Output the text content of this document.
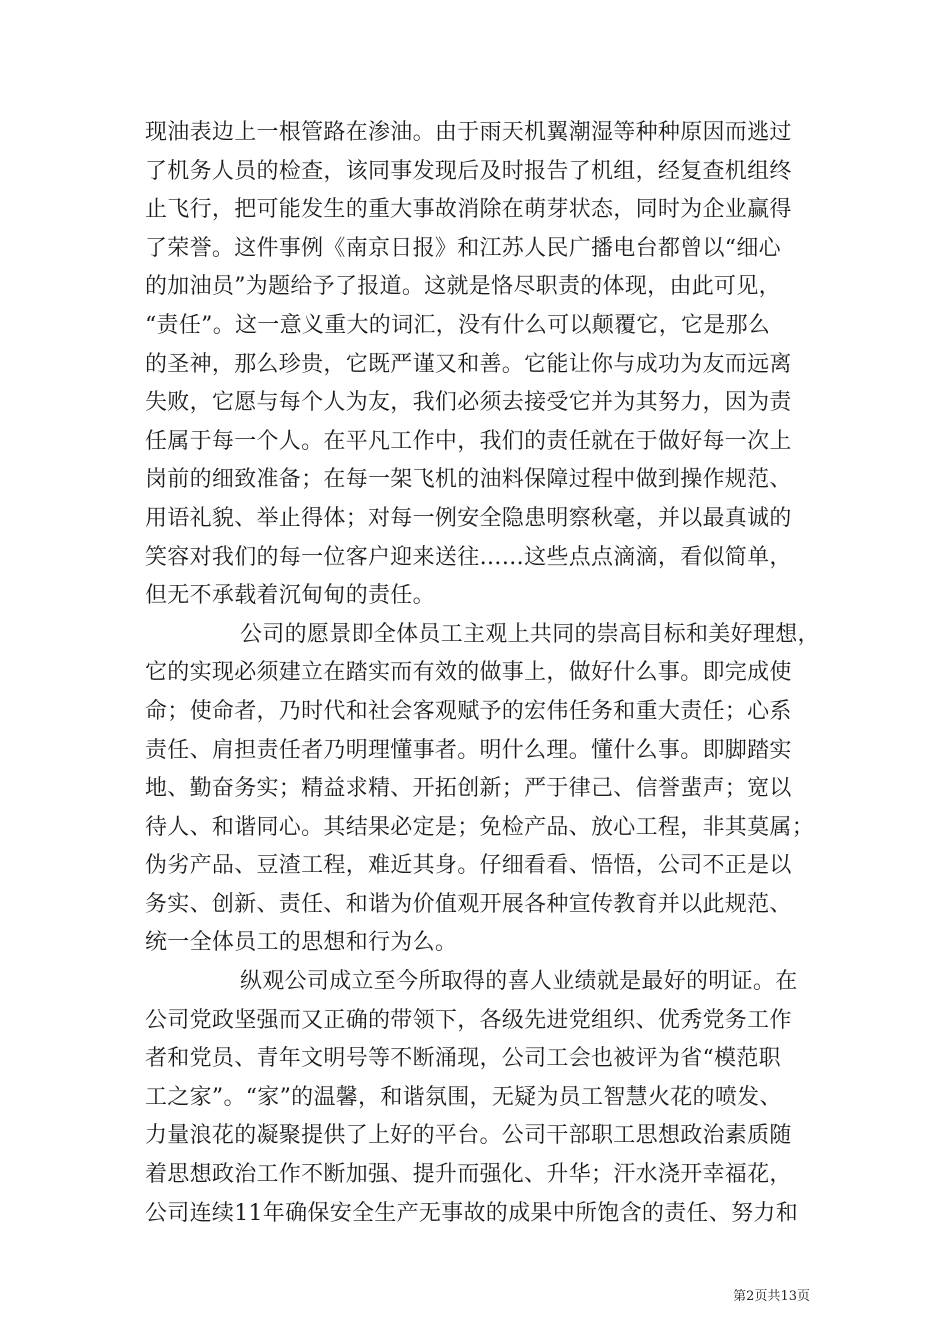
现油表边上一根管路在渗油。由于雨天机翼潮湿等种种原因而逃过
了机务人员的检查，该同事发现后及时报告了机组，经复查机组终
止飞行，把可能发生的重大事故消除在萌芽状态，同时为企业赢得
了荣誉。这件事例《南京日报》和江苏人民广播电台都曾以“细心
的加油员”为题给予了报道。这就是恪尽职责的体现，由此可见，
“责任”。这一意义重大的词汇，没有什么可以颠覆它，它是那么
的圣神，那么珍贵，它既严谨又和善。它能让你与成功为友而远离
失败，它愿与每个人为友，我们必须去接受它并为其努力，因为责
任属于每一个人。在平凡工作中，我们的责任就在于做好每一次上
岗前的细致准备；在每一架飞机的油料保障过程中做到操作规范、
用语礼貌、举止得体；对每一例安全隐患明察秋毫，并以最真诚的
笑容对我们的每一位客户迎来送往……这些点点滴滴，看似简单，
但无不承载着沉甸甸的责任。
公司的愿景即全体员工主观上共同的崇高目标和美好理想，
它的实现必须建立在踏实而有效的做事上，做好什么事。即完成使
命；使命者，乃时代和社会客观赋予的宏伟任务和重大责任；心系
责任、肩担责任者乃明理懂事者。明什么理。懂什么事。即脚踏实
地、勤奋务实；精益求精、开拓创新；严于律己、信誉蜚声；宽以
待人、和谐同心。其结果必定是；免检产品、放心工程，非其莫属；
伪劣产品、豆渣工程，难近其身。仔细看看、悟悟，公司不正是以
务实、创新、责任、和谐为价值观开展各种宣传教育并以此规范、
统一全体员工的思想和行为么。
纵观公司成立至今所取得的喜人业绩就是最好的明证。在
公司党政坚强而又正确的带领下，各级先进党组织、优秀党务工作
者和党员、青年文明号等不断涌现，公司工会也被评为省“模范职
工之家”。“家”的温馨，和谐氛围，无疑为员工智慧火花的喷发、
力量浪花的凝聚提供了上好的平台。公司干部职工思想政治素质随
着思想政治工作不断加强、提升而强化、升华；汗水浇开幸福花，
公司连续11年确保安全生产无事故的成果中所饱含的责任、努力和
第2页共13页
